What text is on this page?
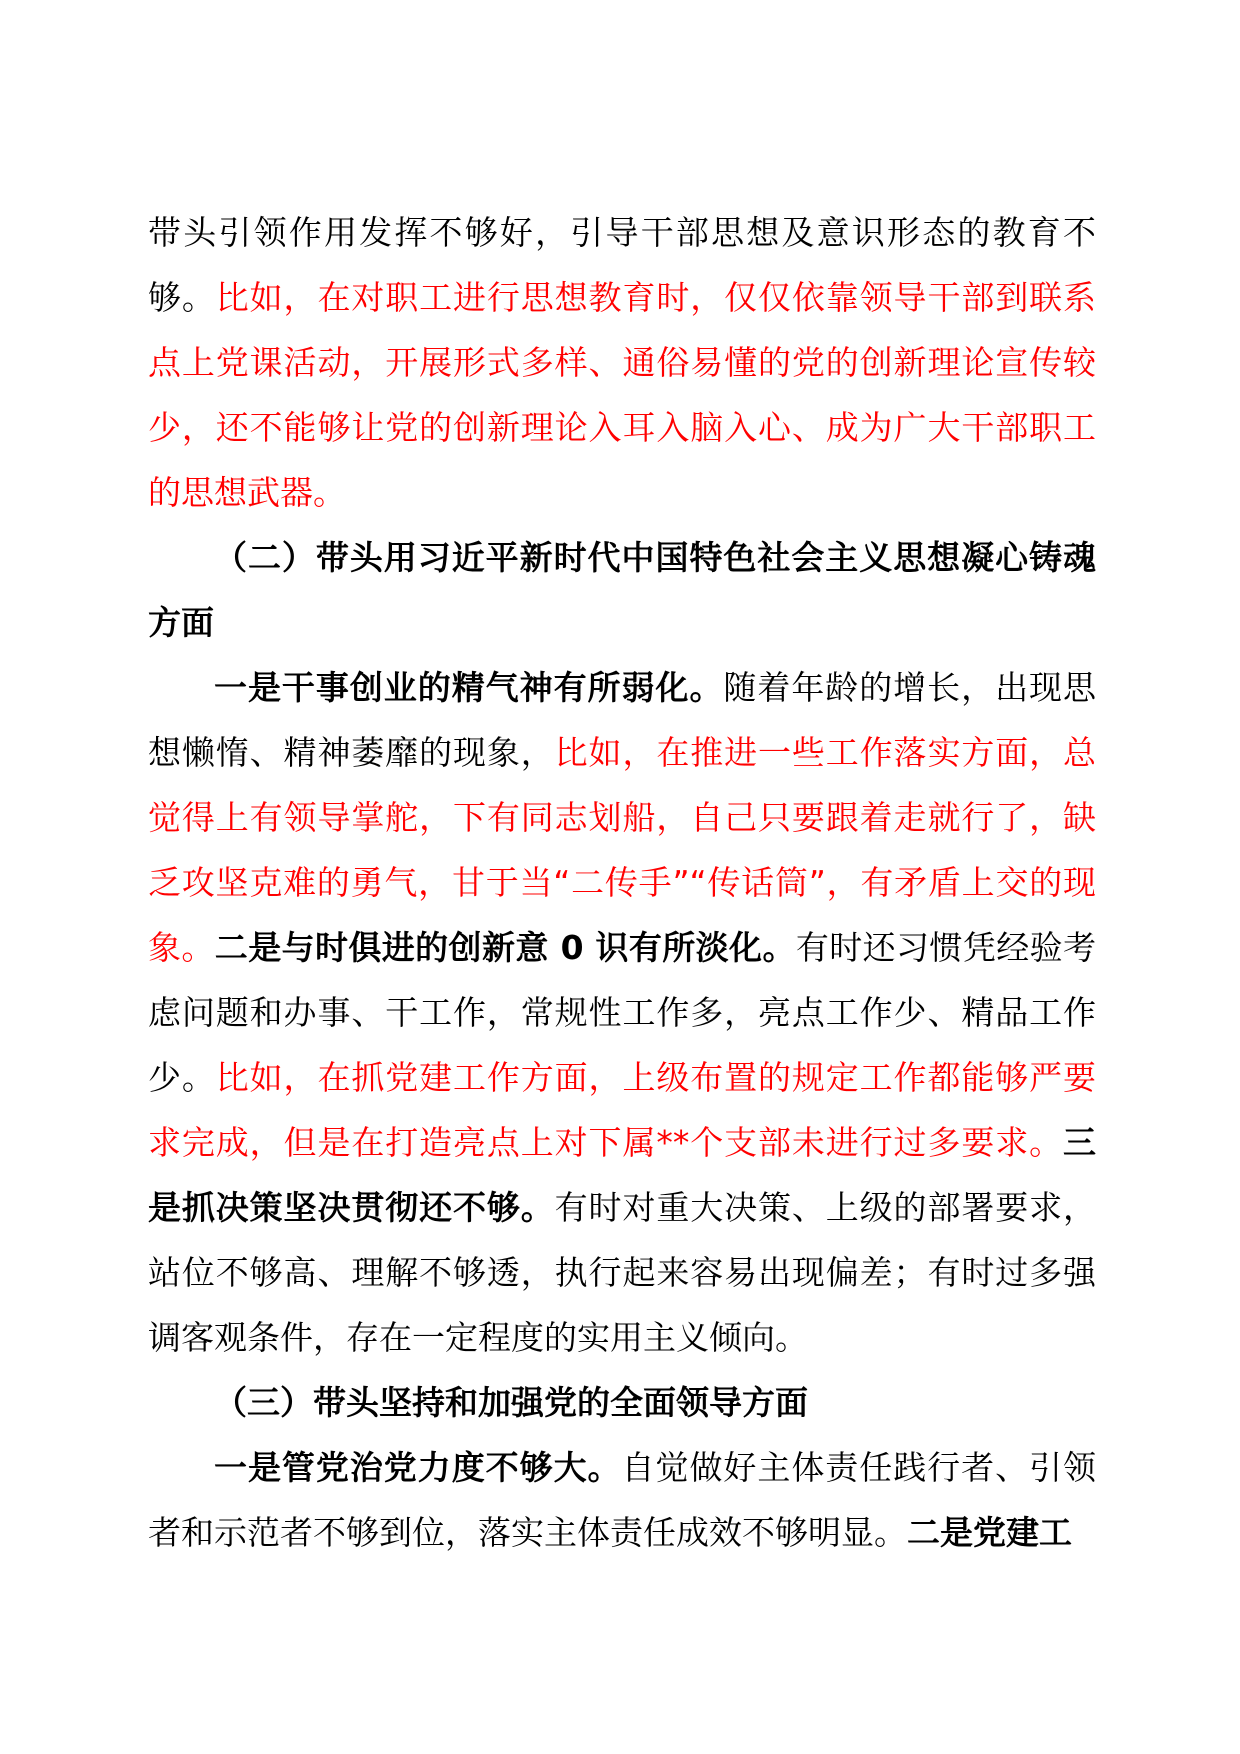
带头引领作用发挥不够好，引导干部思想及意识形态的教育不够。比如，在对职工进行思想教育时，仅仅依靠领导干部到联系点上党课活动，开展形式多样、通俗易懂的党的创新理论宣传较少，还不能够让党的创新理论入耳入脑入心、成为广大干部职工的思想武器。

（二）带头用习近平新时代中国特色社会主义思想凝心铸魂方面

一是干事创业的精气神有所弱化。随着年龄的增长，出现思想懒惰、精神萎靡的现象，比如，在推进一些工作落实方面，总觉得上有领导掌舵，下有同志划船，自己只要跟着走就行了，缺乏攻坚克难的勇气，甘于当“二传手”“传话筒”，有矛盾上交的现象。二是与时俱进的创新意 0 识有所淡化。有时还习惯凭经验考虑问题和办事、干工作，常规性工作多，亮点工作少、精品工作少。比如，在抓党建工作方面，上级布置的规定工作都能够严要求完成，但是在打造亮点上对下属**个支部未进行过多要求。三是抓决策坚决贯彻还不够。有时对重大决策、上级的部署要求，站位不够高、理解不够透，执行起来容易出现偏差；有时过多强调客观条件，存在一定程度的实用主义倾向。

（三）带头坚持和加强党的全面领导方面

一是管党治党力度不够大。自觉做好主体责任践行者、引领者和示范者不够到位，落实主体责任成效不够明显。二是党建工
